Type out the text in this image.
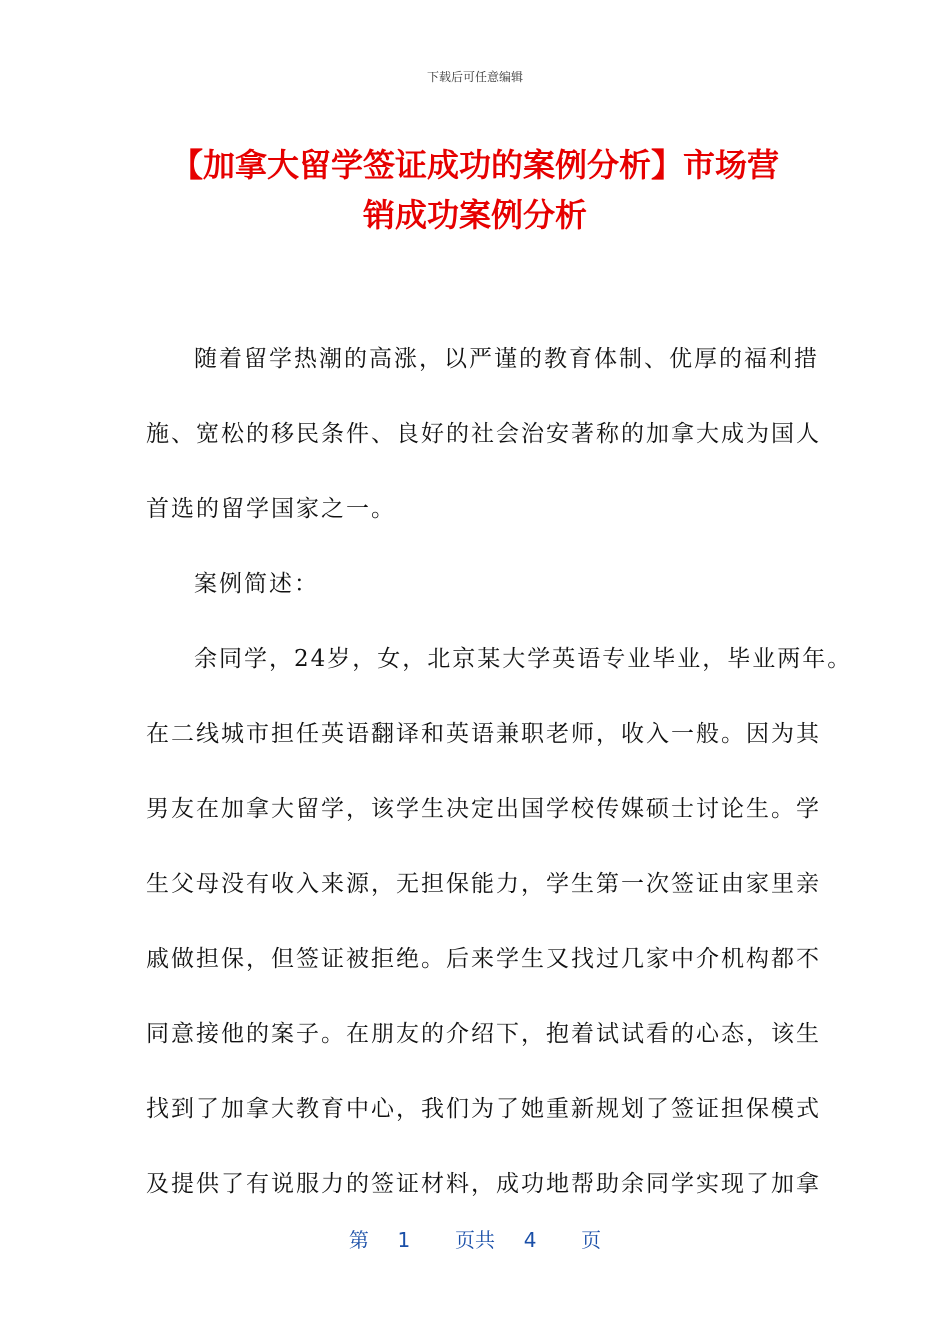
下载后可任意编辑
【加拿大留学签证成功的案例分析】市场营
销成功案例分析
随着留学热潮的高涨，以严谨的教育体制、优厚的福利措
施、宽松的移民条件、良好的社会治安著称的加拿大成为国人
首选的留学国家之一。
案例简述：
余同学，24岁，女，北京某大学英语专业毕业，毕业两年。
在二线城市担任英语翻译和英语兼职老师，收入一般。因为其
男友在加拿大留学，该学生决定出国学校传媒硕士讨论生。学
生父母没有收入来源，无担保能力，学生第一次签证由家里亲
戚做担保，但签证被拒绝。后来学生又找过几家中介机构都不
同意接他的案子。在朋友的介绍下，抱着试试看的心态，该生
找到了加拿大教育中心，我们为了她重新规划了签证担保模式
及提供了有说服力的签证材料，成功地帮助余同学实现了加拿
第 1 页共 4 页
